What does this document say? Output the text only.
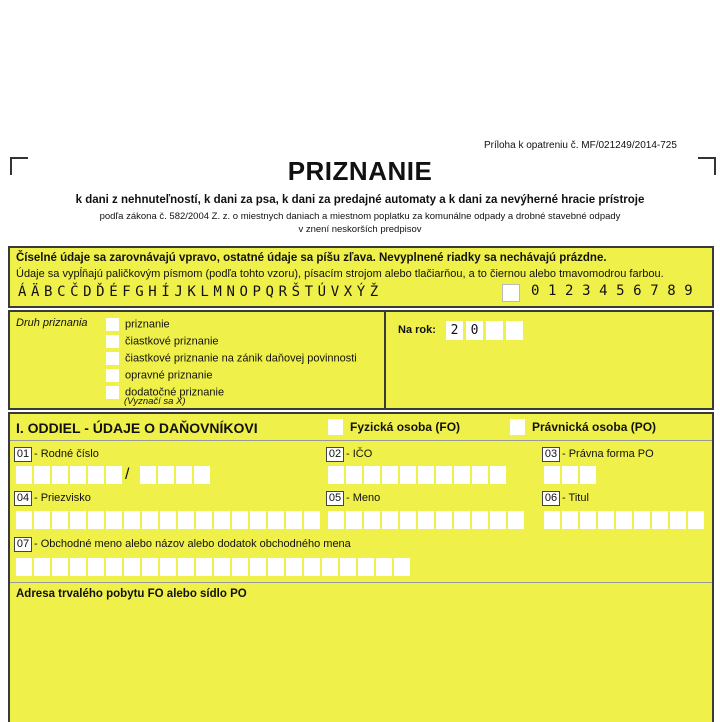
Príloha k opatreniu č. MF/021249/2014-725
PRIZNANIE
k dani z nehnuteľností, k dani za psa, k dani za predajné automaty a k dani za nevýherné hracie prístroje
podľa zákona č. 582/2004 Z. z. o miestnych daniach a miestnom poplatku za komunálne odpady a drobné stavebné odpady
v znení neskorších predpisov
Číselné údaje sa zarovnávajú vpravo, ostatné údaje sa píšu zľava. Nevyplnené riadky sa nechávajú prázdne.
Údaje sa vypĺňajú paličkovým písmom (podľa tohto vzoru), písacím strojom alebo tlačiarňou, a to čiernou alebo tmavomodrou farbou.
ÁÄBCČDĎÉFGHÍJKLMNOPQRŠTÚVXÝŽ	0123456789
Druh priznania	priznanie
čiastkové priznanie
čiastkové priznanie na zánik daňovej povinnosti
opravné priznanie
dodatočné priznanie
(Vyznačí sa X)
Na rok:	2 0
I. ODDIEL - ÚDAJE O DAŇOVNÍKOVI	Fyzická osoba (FO)	Právnická osoba (PO)
01 - Rodné číslo	02 - IČO	03 - Právna forma PO
/
04 - Priezvisko	05 - Meno	06 - Titul
07 - Obchodné meno alebo názov alebo dodatok obchodného mena
Adresa trvalého pobytu FO alebo sídlo PO
